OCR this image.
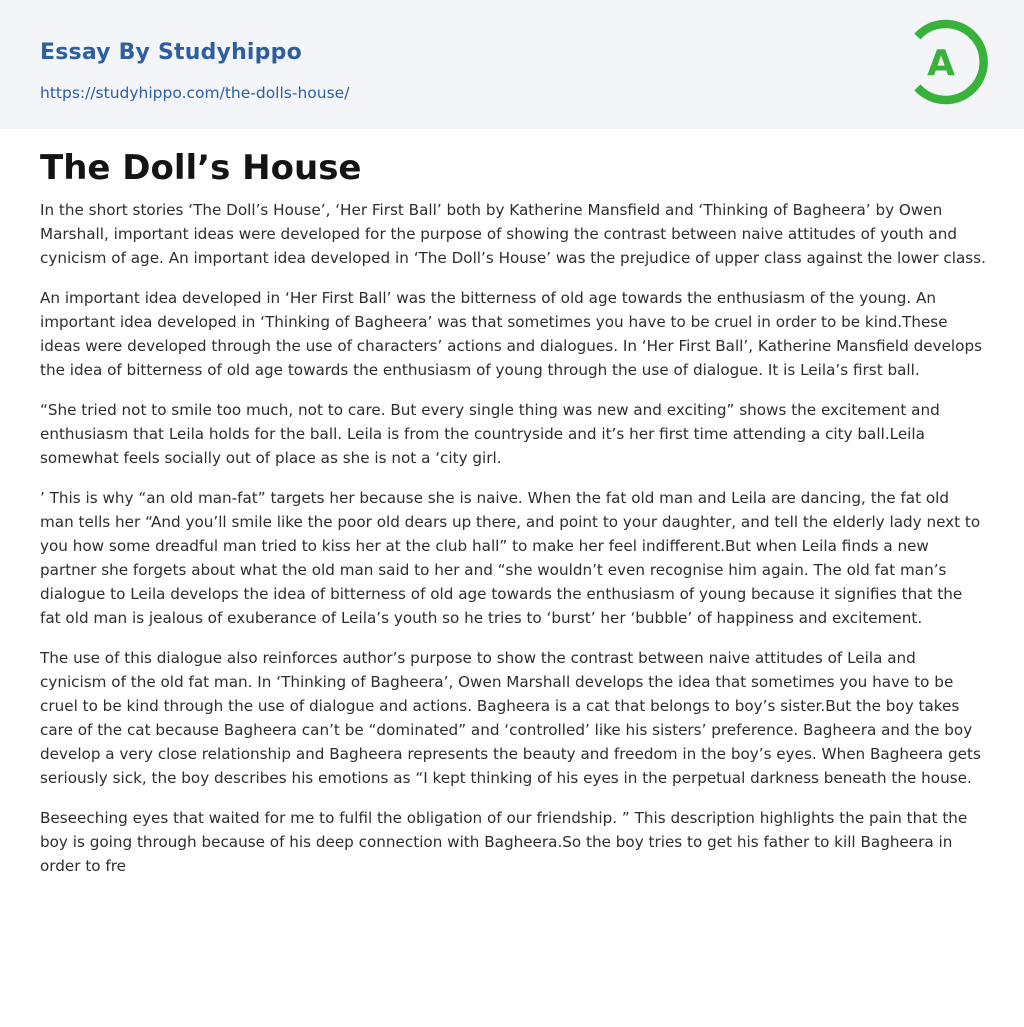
Essay By Studyhippo
https://studyhippo.com/the-dolls-house/
A
The Doll’s House

In the short stories ‘The Doll’s House’, ‘Her First Ball’ both by Katherine Mansfield and ‘Thinking of Bagheera’ by Owen Marshall, important ideas were developed for the purpose of showing the contrast between naive attitudes of youth and cynicism of age. An important idea developed in ‘The Doll’s House’ was the prejudice of upper class against the lower class.

An important idea developed in ‘Her First Ball’ was the bitterness of old age towards the enthusiasm of the young. An important idea developed in ‘Thinking of Bagheera’ was that sometimes you have to be cruel in order to be kind.These ideas were developed through the use of characters’ actions and dialogues. In ‘Her First Ball’, Katherine Mansfield develops the idea of bitterness of old age towards the enthusiasm of young through the use of dialogue. It is Leila’s first ball.

“She tried not to smile too much, not to care. But every single thing was new and exciting” shows the excitement and enthusiasm that Leila holds for the ball. Leila is from the countryside and it’s her first time attending a city ball.Leila somewhat feels socially out of place as she is not a ‘city girl.

’ This is why “an old man-fat” targets her because she is naive. When the fat old man and Leila are dancing, the fat old man tells her “And you’ll smile like the poor old dears up there, and point to your daughter, and tell the elderly lady next to you how some dreadful man tried to kiss her at the club hall” to make her feel indifferent.But when Leila finds a new partner she forgets about what the old man said to her and “she wouldn’t even recognise him again. The old fat man’s dialogue to Leila develops the idea of bitterness of old age towards the enthusiasm of young because it signifies that the fat old man is jealous of exuberance of Leila’s youth so he tries to ‘burst’ her ‘bubble’ of happiness and excitement.

The use of this dialogue also reinforces author’s purpose to show the contrast between naive attitudes of Leila and cynicism of the old fat man. In ‘Thinking of Bagheera’, Owen Marshall develops the idea that sometimes you have to be cruel to be kind through the use of dialogue and actions. Bagheera is a cat that belongs to boy’s sister.But the boy takes care of the cat because Bagheera can’t be “dominated” and ‘controlled’ like his sisters’ preference. Bagheera and the boy develop a very close relationship and Bagheera represents the beauty and freedom in the boy’s eyes. When Bagheera gets seriously sick, the boy describes his emotions as “I kept thinking of his eyes in the perpetual darkness beneath the house.

Beseeching eyes that waited for me to fulfil the obligation of our friendship. ” This description highlights the pain that the boy is going through because of his deep connection with Bagheera.So the boy tries to get his father to kill Bagheera in order to fre
